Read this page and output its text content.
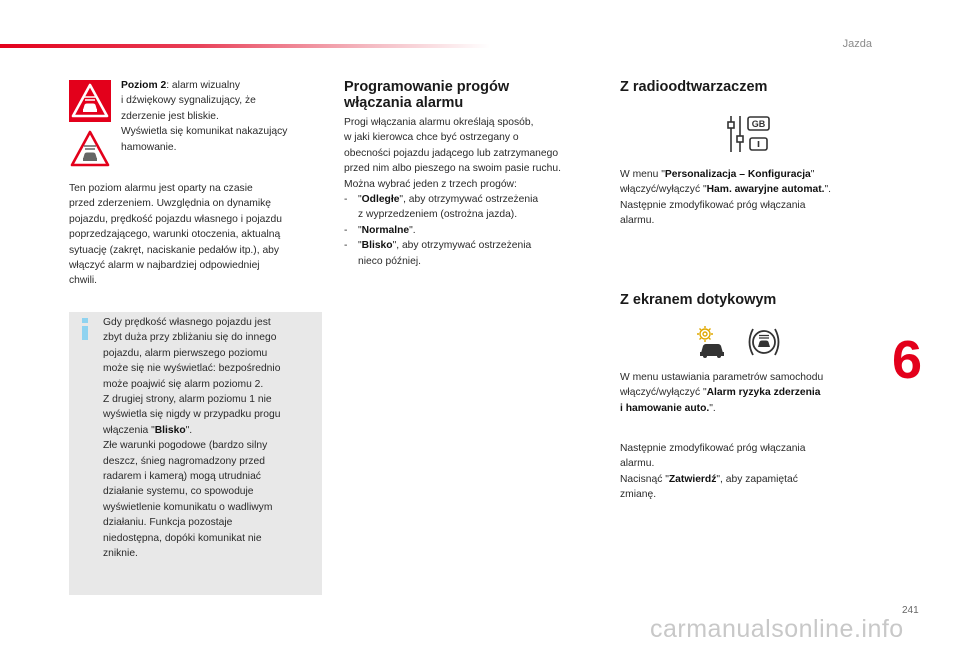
Jazda
Poziom 2: alarm wizualny
i dźwiękowy sygnalizujący, że
zderzenie jest bliskie.
Wyświetla się komunikat nakazujący
hamowanie.
Ten poziom alarmu jest oparty na czasie
przed zderzeniem. Uwzględnia on dynamikę
pojazdu, prędkość pojazdu własnego i pojazdu
poprzedzającego, warunki otoczenia, aktualną
sytuację (zakręt, naciskanie pedałów itp.), aby
włączyć alarm w najbardziej odpowiedniej
chwili.
Gdy prędkość własnego pojazdu jest
zbyt duża przy zbliżaniu się do innego
pojazdu, alarm pierwszego poziomu
może się nie wyświetlać: bezpośrednio
może poajwić się alarm poziomu 2.
Z drugiej strony, alarm poziomu 1 nie
wyświetla się nigdy w przypadku progu
włączenia "Blisko".
Złe warunki pogodowe (bardzo silny
deszcz, śnieg nagromadzony przed
radarem i kamerą) mogą utrudniać
działanie systemu, co spowoduje
wyświetlenie komunikatu o wadliwym
działaniu. Funkcja pozostaje
niedostępna, dopóki komunikat nie
zniknie.
Programowanie progów
włączania alarmu
Progi włączania alarmu określają sposób,
w jaki kierowca chce być ostrzegany o
obecności pojazdu jadącego lub zatrzymanego
przed nim albo pieszego na swoim pasie ruchu.
Można wybrać jeden z trzech progów:
- "Odległe", aby otrzymywać ostrzeżenia
z wyprzedzeniem (ostrożna jazda).
- "Normalne".
- "Blisko", aby otrzymywać ostrzeżenia
nieco później.
Z radioodtwarzaczem
GB
W menu "Personalizacja – Konfiguracja"
włączyć/wyłączyć "Ham. awaryjne automat.".
Następnie zmodyfikować próg włączania
alarmu.
Z ekranem dotykowym
W menu ustawiania parametrów samochodu
włączyć/wyłączyć "Alarm ryzyka zderzenia
i hamowanie auto.".
Następnie zmodyfikować próg włączania
alarmu.
Nacisnąć "Zatwierdź", aby zapamiętać
zmianę.
6
241
carmanualsonline.info
